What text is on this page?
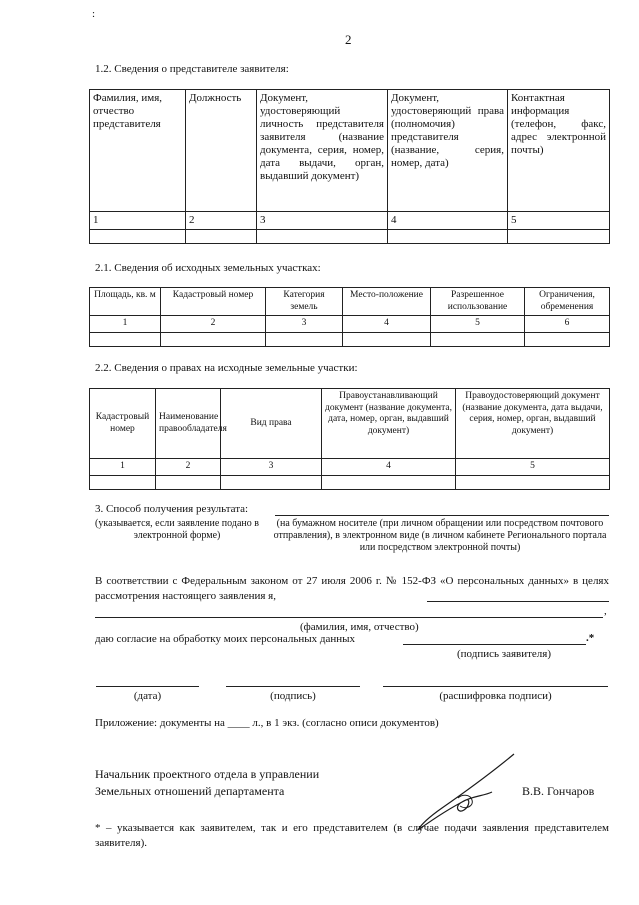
:
2
1.2. Сведения о представителе заявителя:
Фамилия, имя, отчество представителя	Должность	Документ, удостоверяющий личность представителя заявителя (название документа, серия, номер, дата выдачи, орган, выдавший документ)	Документ, удостоверяющий права (полномочия) представителя (название, серия, номер, дата)	Контактная информация (телефон, факс, адрес электронной почты)
1	2	3	4	5

2.1. Сведения об исходных земельных участках:
Площадь, кв. м	Кадастровый номер	Категория земель	Место-положение	Разрешенное использование	Ограничения, обременения
1	2	3	4	5	6

2.2. Сведения о правах на исходные земельные участки:
Кадастровый номер	Наименование правообладателя	Вид права	Правоустанавливающий документ (название документа, дата, номер, орган, выдавший документ)	Правоудостоверяющий документ (название документа, дата выдачи, серия, номер, орган, выдавший документ)
1	2	3	4	5

3. Способ получения результата:
(указывается, если заявление подано в электронной форме)
(на бумажном носителе (при личном обращении или посредством почтового отправления), в электронном виде (в личном кабинете Регионального портала или посредством электронной почты)
В соответствии с Федеральным законом от 27 июля 2006 г. № 152-ФЗ «О персональных данных» в целях рассмотрения настоящего заявления я,
,
(фамилия, имя, отчество)
даю согласие на обработку моих персональных данных	.*
(подпись заявителя)
(дата)	(подпись)	(расшифровка подписи)
Приложение: документы на ____ л., в 1 экз. (согласно описи документов)
Начальник проектного отдела в управлении
Земельных отношений департамента	В.В. Гончаров
* – указывается как заявителем, так и его представителем (в случае подачи заявления представителем заявителя).
